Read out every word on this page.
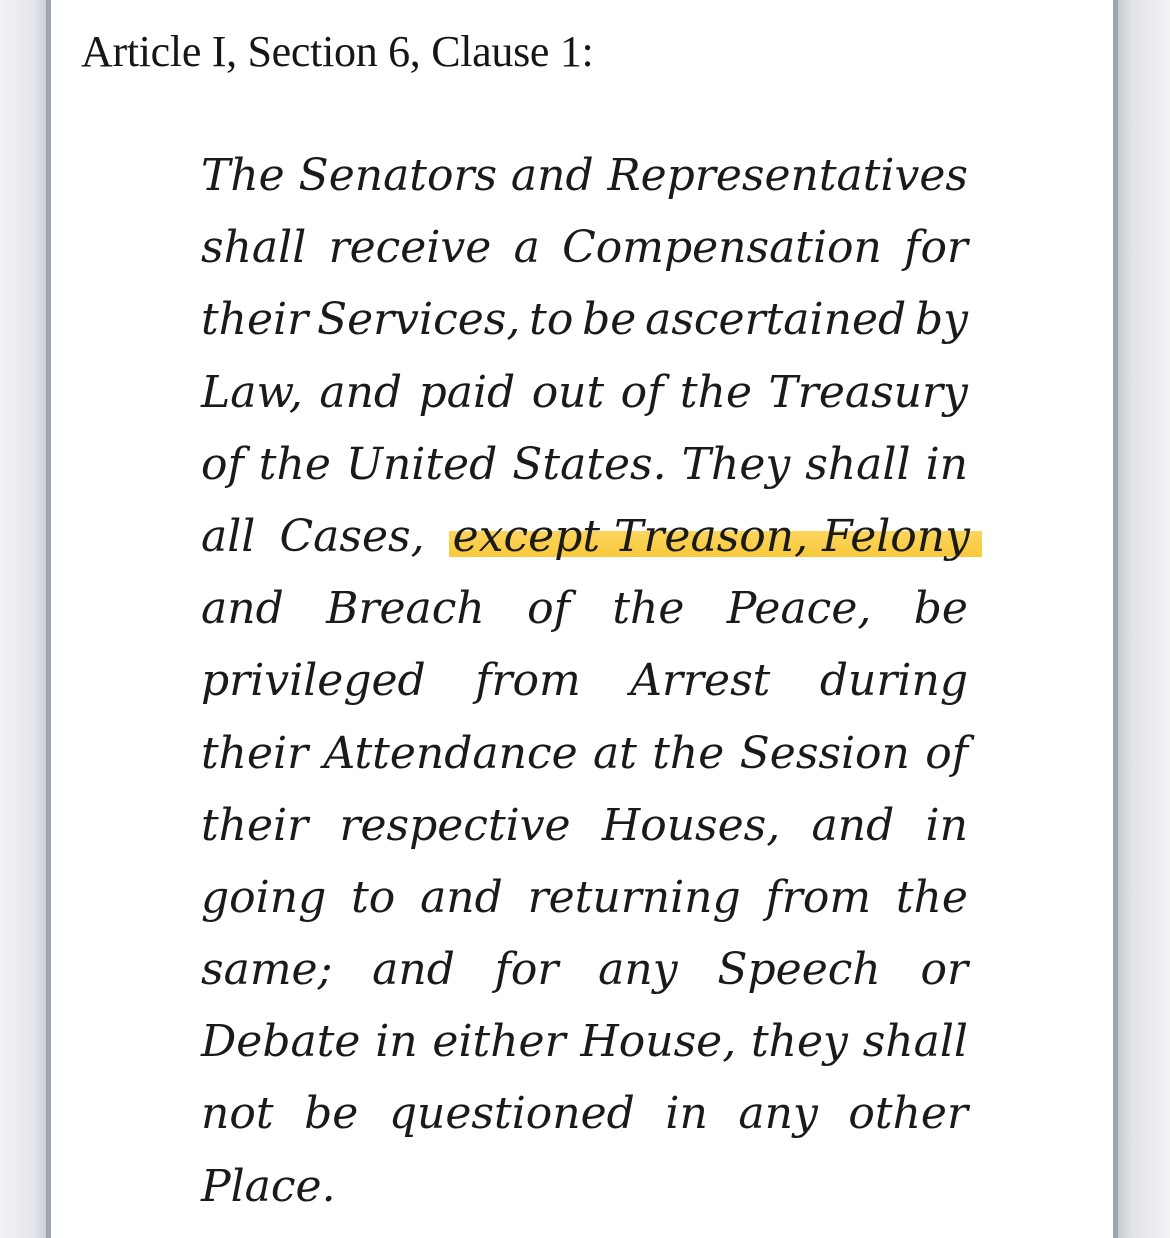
Article I, Section 6, Clause 1:
The Senators and Representatives
shall receive a Compensation for
their Services, to be ascertained by
Law, and paid out of the Treasury
of the United States. They shall in
all Cases, except Treason, Felony
and Breach of the Peace, be
privileged from Arrest during
their Attendance at the Session of
their respective Houses, and in
going to and returning from the
same; and for any Speech or
Debate in either House, they shall
not be questioned in any other
Place.
